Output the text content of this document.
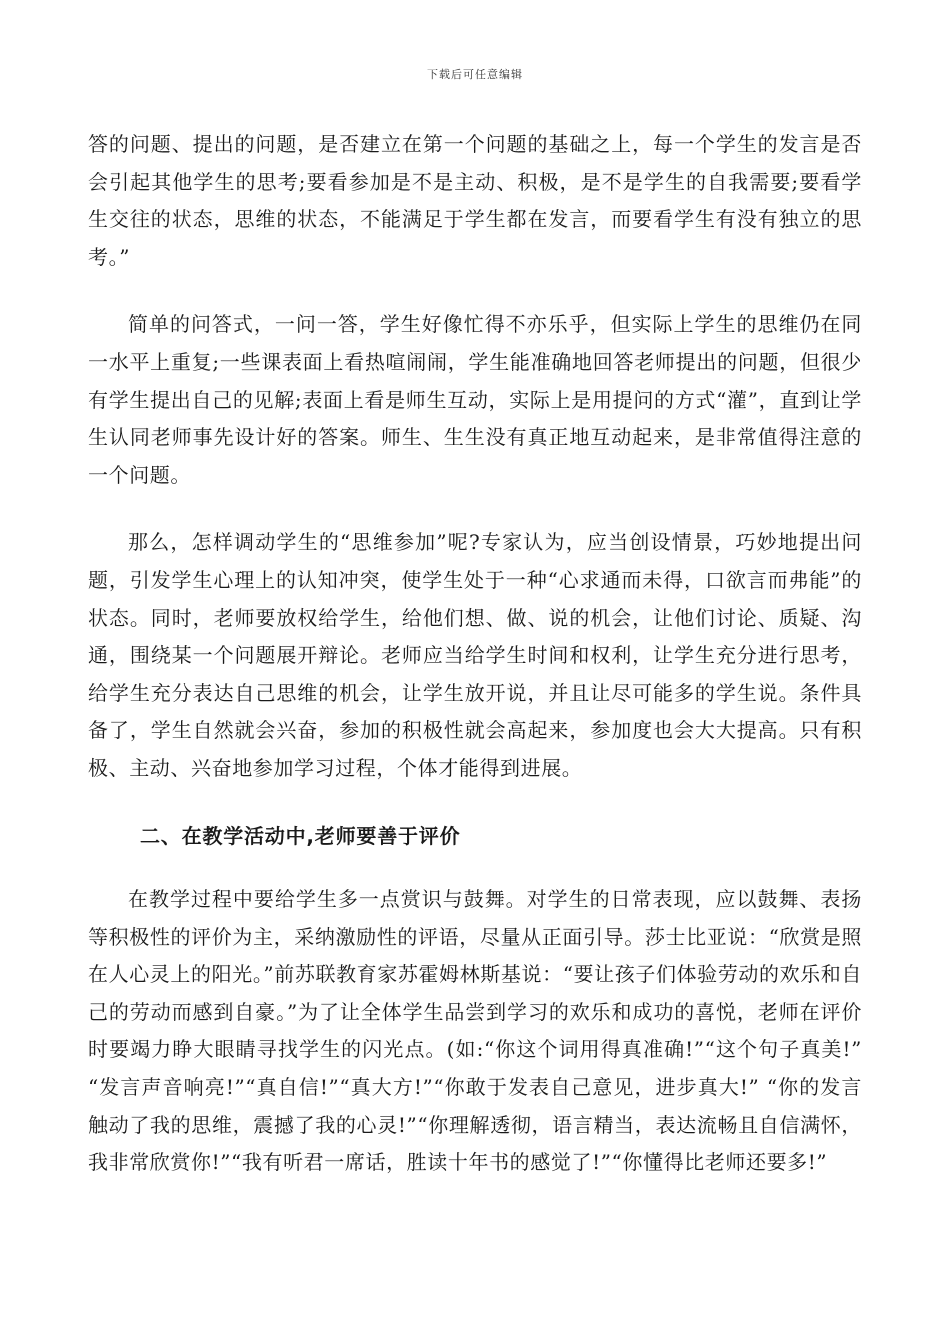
下载后可任意编辑

答的问题、提出的问题，是否建立在第一个问题的基础之上，每一个学生的发言是否会引起其他学生的思考;要看参加是不是主动、积极，是不是学生的自我需要;要看学生交往的状态，思维的状态，不能满足于学生都在发言，而要看学生有没有独立的思考。”

简单的问答式，一问一答，学生好像忙得不亦乐乎，但实际上学生的思维仍在同一水平上重复;一些课表面上看热喧闹闹，学生能准确地回答老师提出的问题，但很少有学生提出自己的见解;表面上看是师生互动，实际上是用提问的方式“灌”，直到让学生认同老师事先设计好的答案。师生、生生没有真正地互动起来，是非常值得注意的一个问题。

那么，怎样调动学生的“思维参加”呢?专家认为，应当创设情景，巧妙地提出问题，引发学生心理上的认知冲突，使学生处于一种“心求通而未得，口欲言而弗能”的状态。同时，老师要放权给学生，给他们想、做、说的机会，让他们讨论、质疑、沟通，围绕某一个问题展开辩论。老师应当给学生时间和权利，让学生充分进行思考，给学生充分表达自己思维的机会，让学生放开说，并且让尽可能多的学生说。条件具备了，学生自然就会兴奋，参加的积极性就会高起来，参加度也会大大提高。只有积极、主动、兴奋地参加学习过程，个体才能得到进展。

二、在教学活动中,老师要善于评价

在教学过程中要给学生多一点赏识与鼓舞。对学生的日常表现，应以鼓舞、表扬等积极性的评价为主，采纳激励性的评语，尽量从正面引导。莎士比亚说：“欣赏是照在人心灵上的阳光。”前苏联教育家苏霍姆林斯基说：“要让孩子们体验劳动的欢乐和自己的劳动而感到自豪。”为了让全体学生品尝到学习的欢乐和成功的喜悦，老师在评价时要竭力睁大眼睛寻找学生的闪光点。(如:“你这个词用得真准确!”“这个句子真美!” “发言声音响亮!”“真自信!”“真大方!”“你敢于发表自己意见，进步真大!” “你的发言触动了我的思维，震撼了我的心灵!”“你理解透彻，语言精当，表达流畅且自信满怀，我非常欣赏你!”“我有听君一席话，胜读十年书的感觉了!”“你懂得比老师还要多!”
